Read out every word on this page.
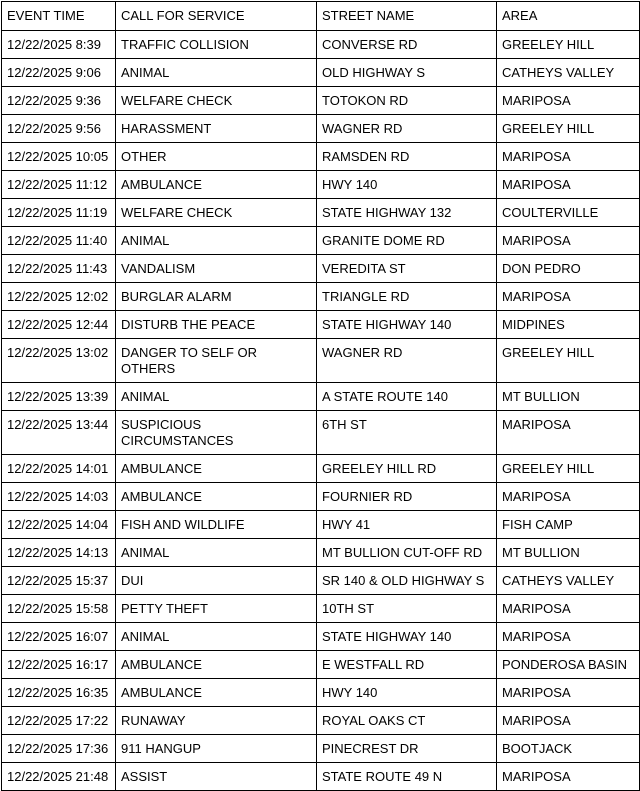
EVENT TIME	CALL FOR SERVICE	STREET NAME	AREA
12/22/2025 8:39	TRAFFIC COLLISION	CONVERSE RD	GREELEY HILL
12/22/2025 9:06	ANIMAL	OLD HIGHWAY S	CATHEYS VALLEY
12/22/2025 9:36	WELFARE CHECK	TOTOKON RD	MARIPOSA
12/22/2025 9:56	HARASSMENT	WAGNER RD	GREELEY HILL
12/22/2025 10:05	OTHER	RAMSDEN RD	MARIPOSA
12/22/2025 11:12	AMBULANCE	HWY 140	MARIPOSA
12/22/2025 11:19	WELFARE CHECK	STATE HIGHWAY 132	COULTERVILLE
12/22/2025 11:40	ANIMAL	GRANITE DOME RD	MARIPOSA
12/22/2025 11:43	VANDALISM	VEREDITA ST	DON PEDRO
12/22/2025 12:02	BURGLAR ALARM	TRIANGLE RD	MARIPOSA
12/22/2025 12:44	DISTURB THE PEACE	STATE HIGHWAY 140	MIDPINES
12/22/2025 13:02	DANGER TO SELF OR OTHERS	WAGNER RD	GREELEY HILL
12/22/2025 13:39	ANIMAL	A STATE ROUTE 140	MT BULLION
12/22/2025 13:44	SUSPICIOUS CIRCUMSTANCES	6TH ST	MARIPOSA
12/22/2025 14:01	AMBULANCE	GREELEY HILL RD	GREELEY HILL
12/22/2025 14:03	AMBULANCE	FOURNIER RD	MARIPOSA
12/22/2025 14:04	FISH AND WILDLIFE	HWY 41	FISH CAMP
12/22/2025 14:13	ANIMAL	MT BULLION CUT-OFF RD	MT BULLION
12/22/2025 15:37	DUI	SR 140 & OLD HIGHWAY S	CATHEYS VALLEY
12/22/2025 15:58	PETTY THEFT	10TH ST	MARIPOSA
12/22/2025 16:07	ANIMAL	STATE HIGHWAY 140	MARIPOSA
12/22/2025 16:17	AMBULANCE	E WESTFALL RD	PONDEROSA BASIN
12/22/2025 16:35	AMBULANCE	HWY 140	MARIPOSA
12/22/2025 17:22	RUNAWAY	ROYAL OAKS CT	MARIPOSA
12/22/2025 17:36	911 HANGUP	PINECREST DR	BOOTJACK
12/22/2025 21:48	ASSIST	STATE ROUTE 49 N	MARIPOSA
